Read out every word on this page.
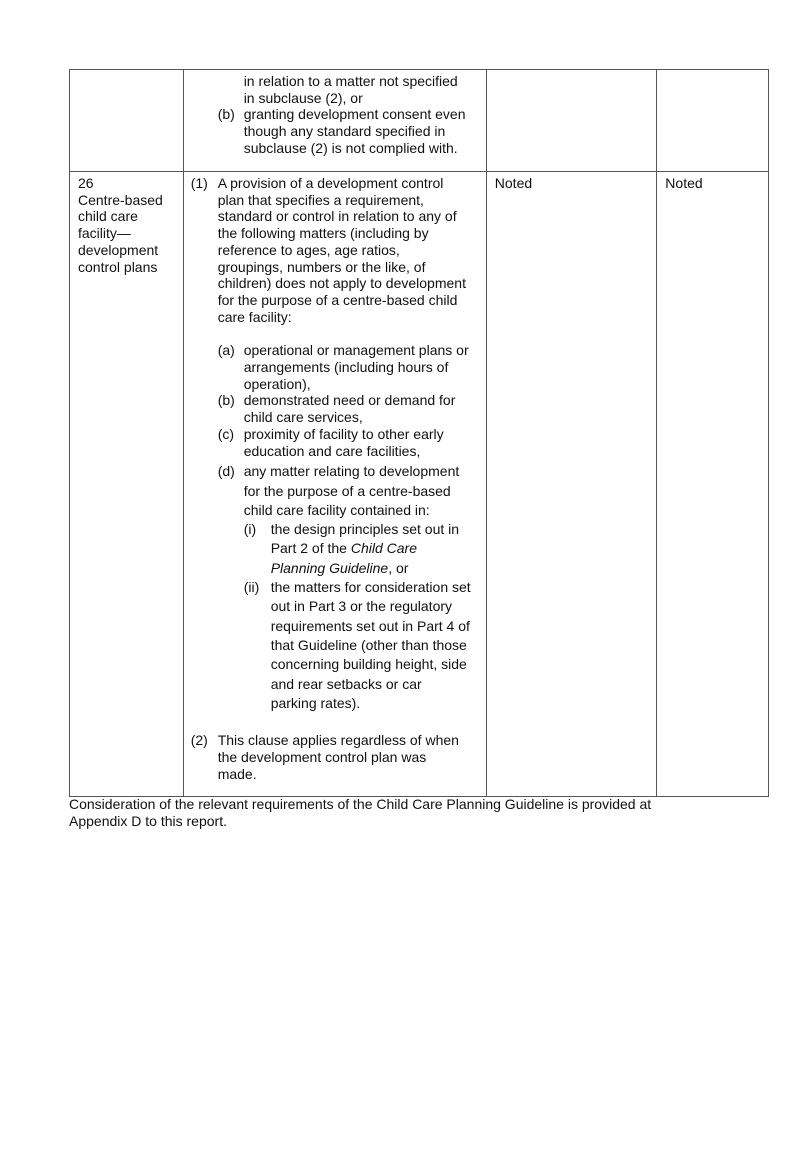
in relation to a matter not specified
in subclause (2), or
(b) granting development consent even
though any standard specified in
subclause (2) is not complied with.
26
Centre-based
child care
facility—
development
control plans
(1) A provision of a development control
plan that specifies a requirement,
standard or control in relation to any of
the following matters (including by
reference to ages, age ratios,
groupings, numbers or the like, of
children) does not apply to development
for the purpose of a centre-based child
care facility:
(a) operational or management plans or
arrangements (including hours of
operation),
(b) demonstrated need or demand for
child care services,
(c) proximity of facility to other early
education and care facilities,
(d) any matter relating to development
for the purpose of a centre-based
child care facility contained in:
(i) the design principles set out in
Part 2 of the Child Care
Planning Guideline, or
(ii) the matters for consideration set
out in Part 3 or the regulatory
requirements set out in Part 4 of
that Guideline (other than those
concerning building height, side
and rear setbacks or car
parking rates).
(2) This clause applies regardless of when
the development control plan was
made.
Noted	Noted
Consideration of the relevant requirements of the Child Care Planning Guideline is provided at
Appendix D to this report.
